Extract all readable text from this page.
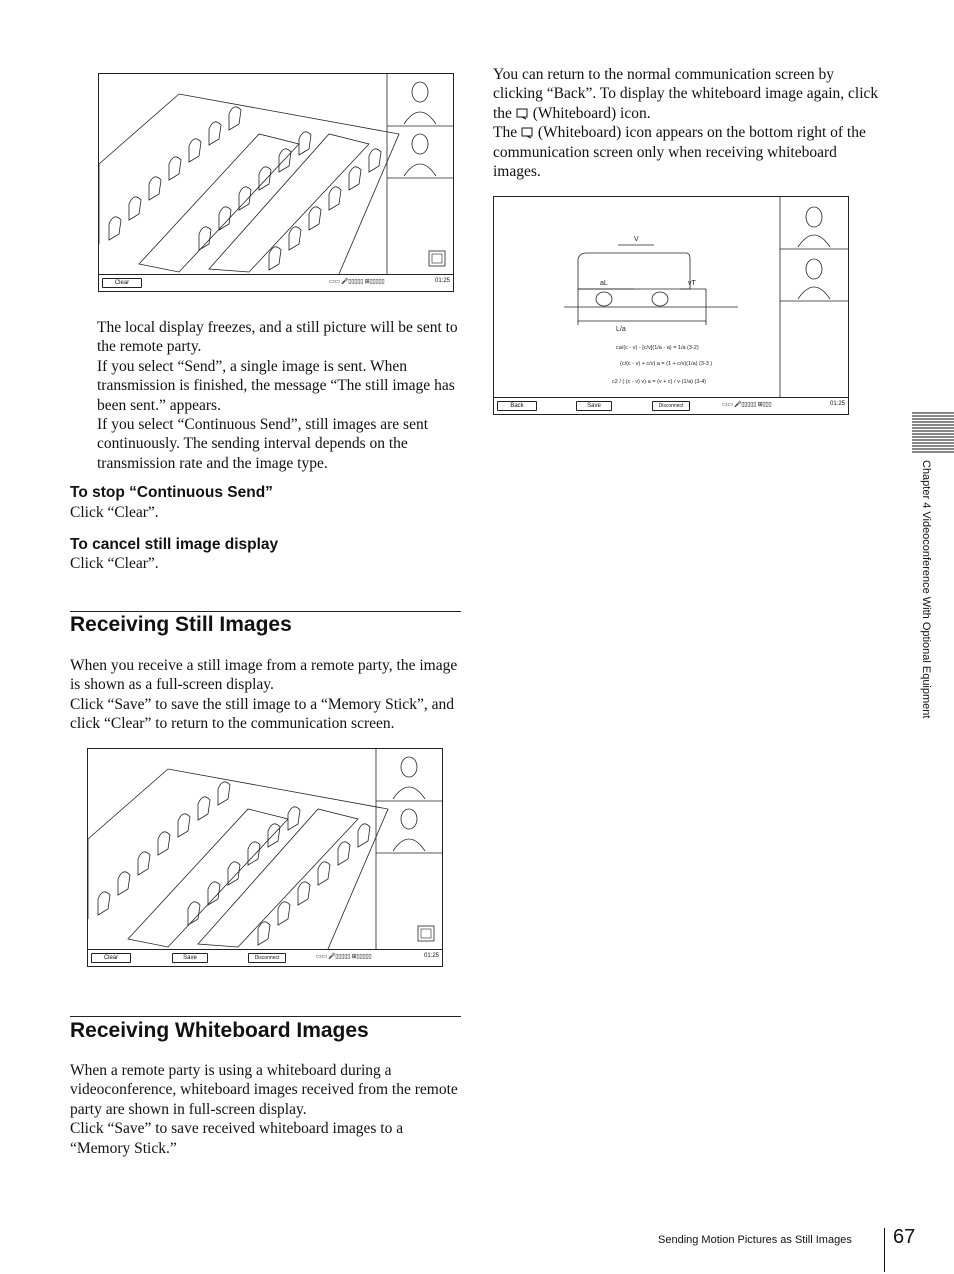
Clear	▭▭ 🎤▯▯▯▯▯ ⊞▯▯▯▯▯	01:25

The local display freezes, and a still picture will be sent to the remote party.

If you select “Send”, a single image is sent. When transmission is finished, the message “The still image has been sent.” appears.

If you select “Continuous Send”, still images are sent continuously. The sending interval depends on the transmission rate and the image type.

To stop “Continuous Send”
Click “Clear”.
To cancel still image display
Click “Clear”.
Receiving Still Images

When you receive a still image from a remote party, the image is shown as a full-screen display.

Click “Save” to save the still image to a “Memory Stick”, and click “Clear” to return to the communication screen.

Clear	Save	Disconnect	▭▭ 🎤▯▯▯▯▯ ⊞▯▯▯▯▯	01:25
Receiving Whiteboard Images

When a remote party is using a whiteboard during a videoconference, whiteboard images received from the remote party are shown in full-screen display.

Click “Save” to save received whiteboard images to a “Memory Stick.”

You can return to the normal communication screen by clicking “Back”. To display the whiteboard image again, click the (Whiteboard) icon.

The (Whiteboard) icon appears on the bottom right of the communication screen only when receiving whiteboard images.

V
aL	vT
L/a
ca/(c - v) - [c/v](1/a - a) = 1/a (3-2)
(c/(c - v) + c/v) a = (1 + c/v)(1/a) (3-3 )
c2 / ( (c - v) v)·a = (v + c) / v·(1/a) (3-4)
Back	Save	Disconnect	▭▭ 🎤▯▯▯▯▯ ⊞▯▯▯	01:25
Chapter 4 Videoconference With Optional Equipment
Sending Motion Pictures as Still Images 67
